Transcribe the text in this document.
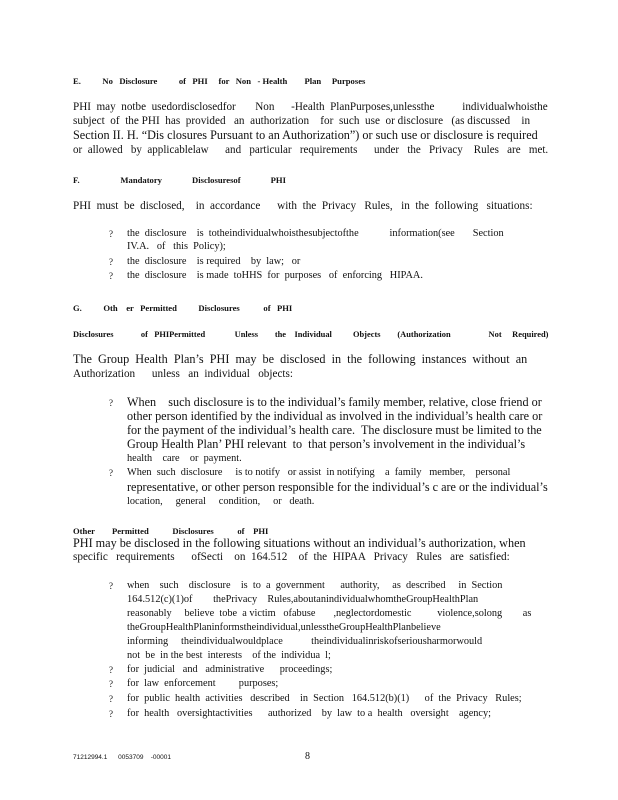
E.          No   Disclosure          of   PHI     for   Non   - Health        Plan     Purposes
PHI  may  notbe  usedordisclosedfor       Non      -Health  PlanPurposes,unlessthe          individualwhoisthe
subject  of  the PHI  has  provided   an  authorization    for  such  use  or disclosure   (as discussed    in
Section II. H. “Dis closures Pursuant to an Authorization”) or such use or disclosure is required
or  allowed   by  applicablelaw      and   particular   requirements      under   the   Privacy    Rules   are   met.
F.                   Mandatory              Disclosuresof              PHI
PHI  must  be  disclosed,    in  accordance      with  the  Privacy   Rules,   in  the  following   situations:
? the  disclosure    is  totheindividualwhoisthesubjectofthe            information(see       Section
IV.A.   of   this  Policy);
? the  disclosure    is required    by  law;   or
? the  disclosure    is made  toHHS  for  purposes   of  enforcing   HIPAA.
G.          Oth    er   Permitted          Disclosures           of   PHI
Disclosures             of   PHIPermitted              Unless        the    Individual          Objects        (Authorization                  Not     Required)
The  Group  Health  Plan’s  PHI  may  be  disclosed  in  the  following  instances  without  an
Authorization      unless   an  individual   objects:
? When    such disclosure is to the individual’s family member, relative, close friend or
other person identified by the individual as involved in the individual’s health care or
for the payment of the individual’s health care.  The disclosure must be limited to the
Group Health Plan’ PHI relevant  to  that person’s involvement in the individual’s
health    care    or  payment.
? When  such  disclosure     is to notify   or assist  in notifying    a  family   member,    personal
representative, or other person responsible for the individual’s c are or the individual’s
location,     general     condition,     or   death.
Other        Permitted           Disclosures           of    PHI
PHI may be disclosed in the following situations without an individual’s authorization, when
specific   requirements      ofSecti    on  164.512    of  the  HIPAA   Privacy   Rules   are  satisfied:
? when    such    disclosure    is  to  a  government      authority,     as  described     in  Section
164.512(c)(1)of        thePrivacy    Rules,aboutanindividualwhomtheGroupHealthPlan
reasonably     believe  tobe  a victim   ofabuse       ,neglectordomestic          violence,solong        as
theGroupHealthPlaninformstheindividual,unlesstheGroupHealthPlanbelieve
informing     theindividualwouldplace           theindividualinriskofseriousharmorwould
not  be  in the best  interests    of the  individua  l;
? for  judicial   and   administrative      proceedings;
? for  law  enforcement         purposes;
? for  public  health  activities   described    in  Section   164.512(b)(1)      of  the  Privacy   Rules;
? for  health   oversightactivities      authorized    by  law  to a  health   oversight    agency;
71212994.1      0053709    -00001	8
